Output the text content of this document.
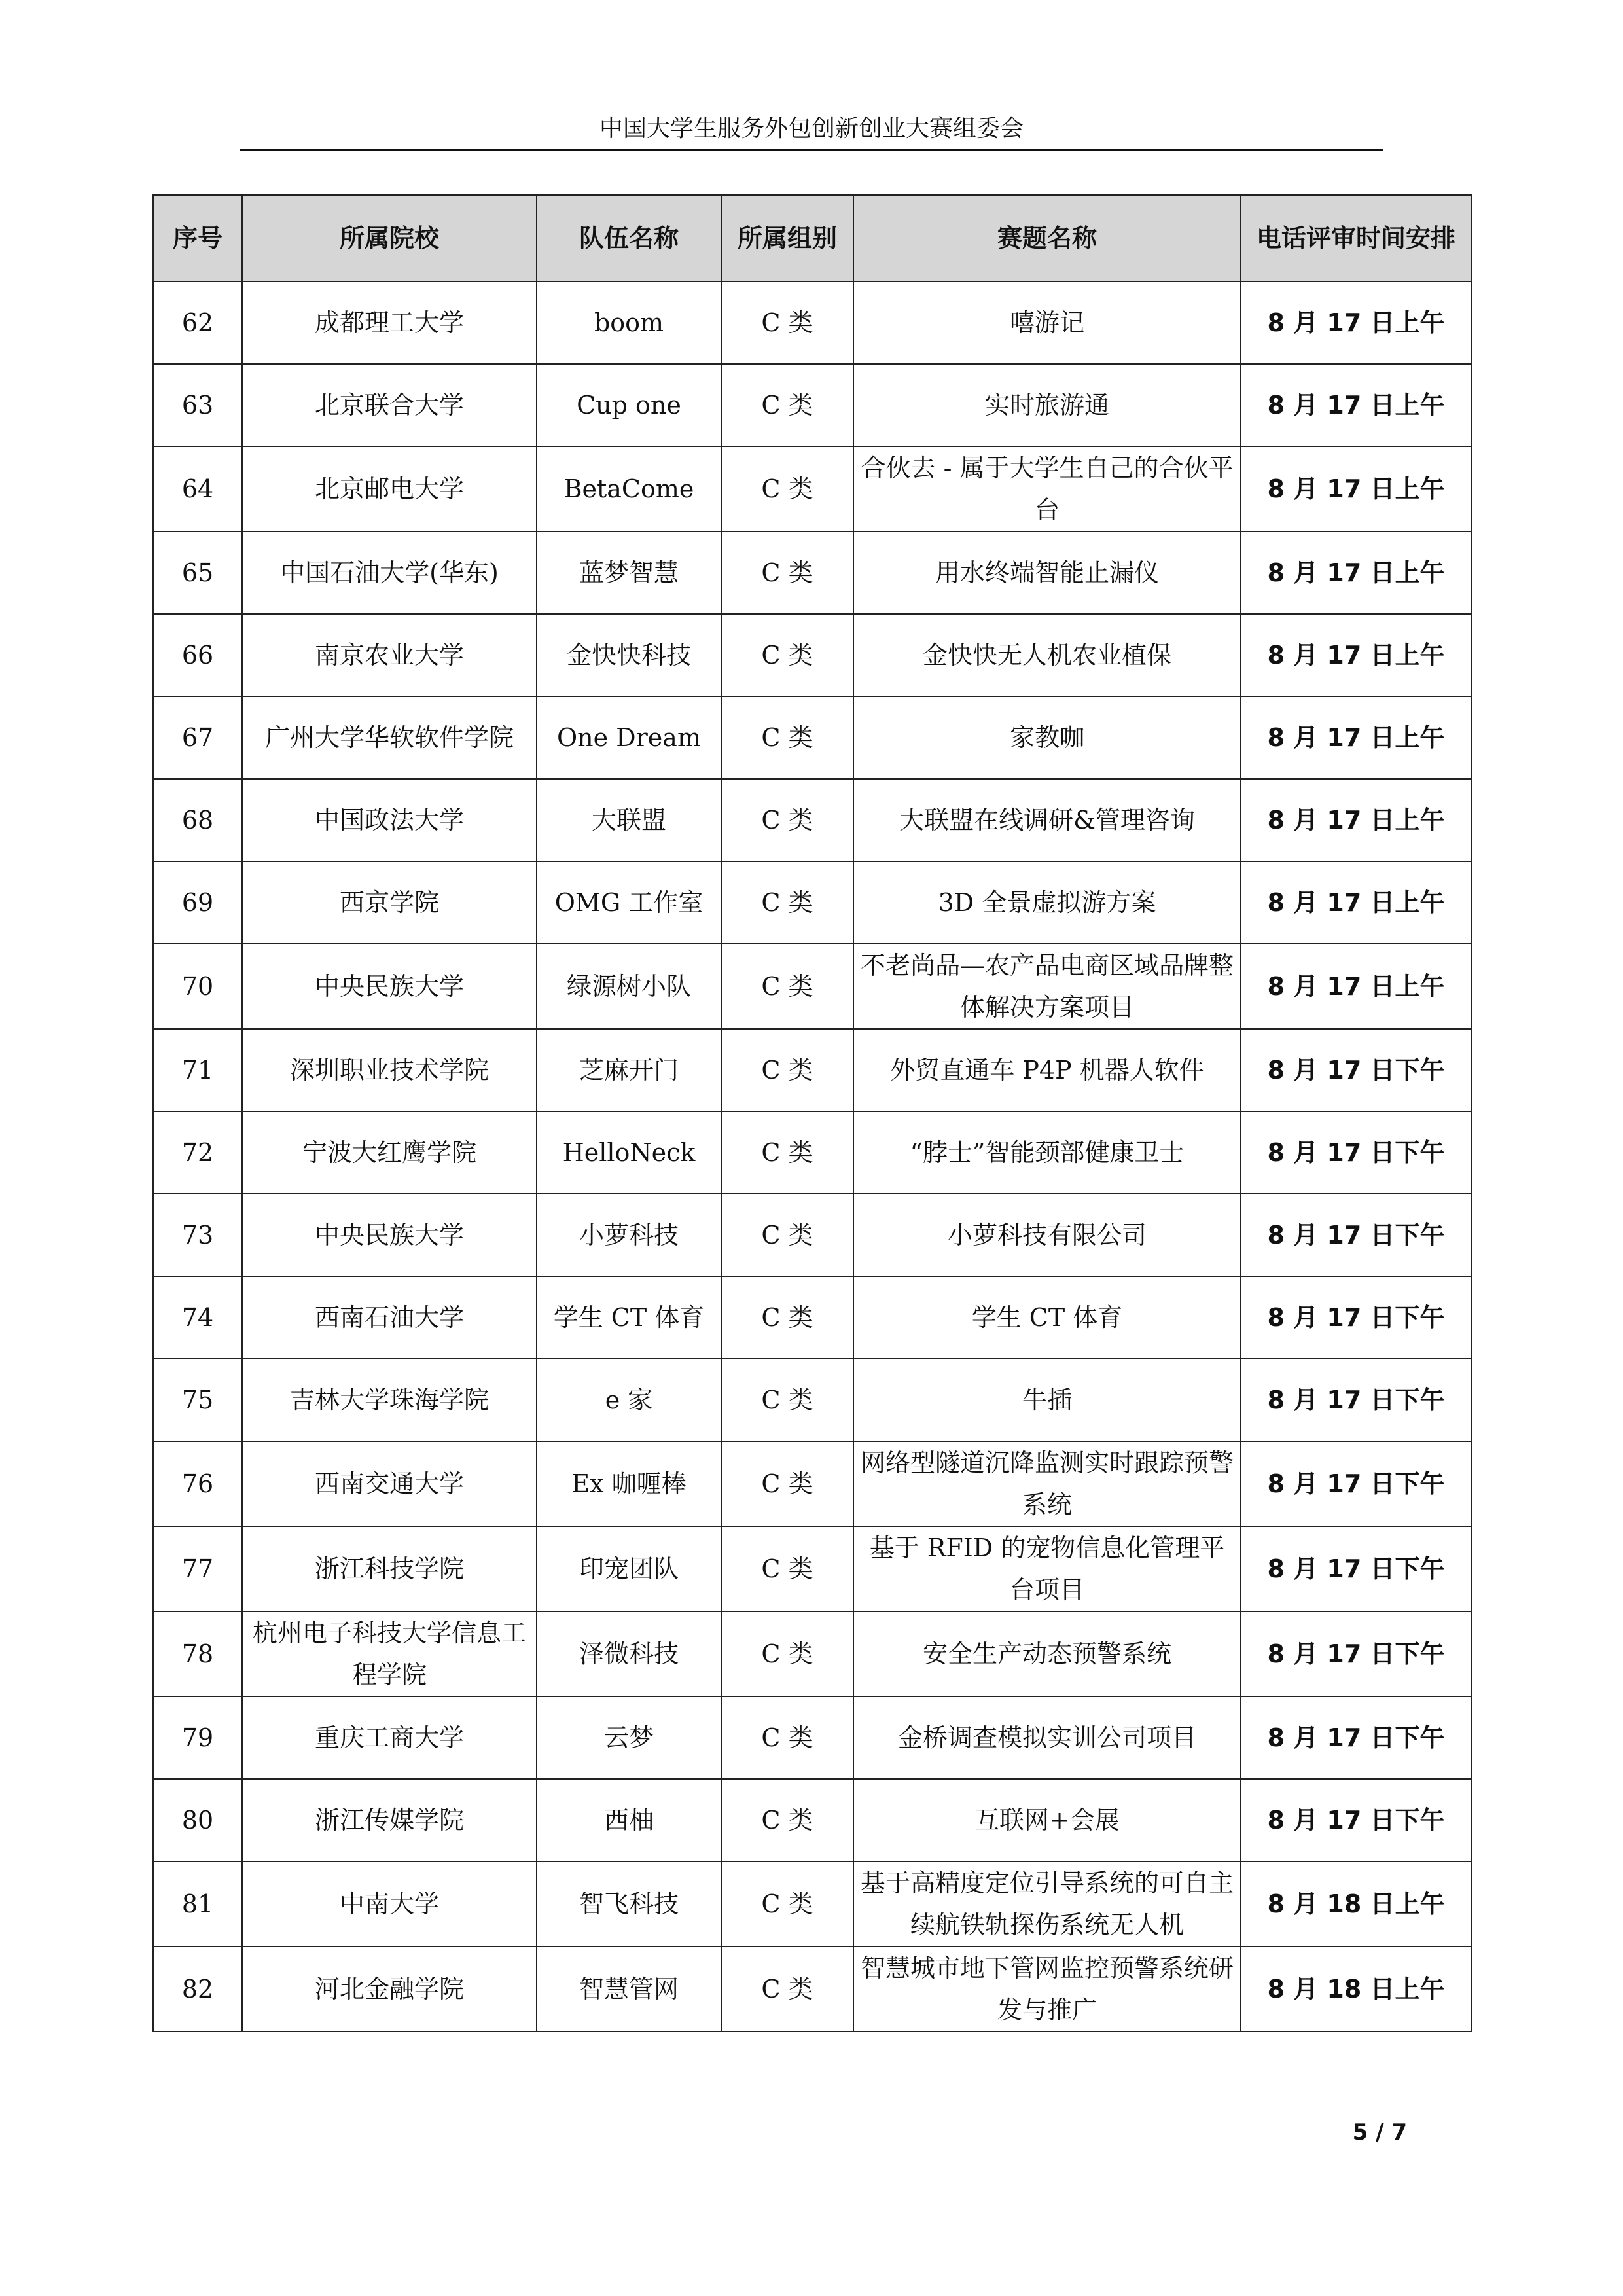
中国大学生服务外包创新创业大赛组委会
序号	所属院校	队伍名称	所属组别	赛题名称	电话评审时间安排
62	成都理工大学	boom	C 类	嘻游记	8 月 17 日上午
63	北京联合大学	Cup one	C 类	实时旅游通	8 月 17 日上午
64	北京邮电大学	BetaCome	C 类	合伙去 - 属于大学生自己的合伙平台	8 月 17 日上午
65	中国石油大学(华东)	蓝梦智慧	C 类	用水终端智能止漏仪	8 月 17 日上午
66	南京农业大学	金快快科技	C 类	金快快无人机农业植保	8 月 17 日上午
67	广州大学华软软件学院	One Dream	C 类	家教咖	8 月 17 日上午
68	中国政法大学	大联盟	C 类	大联盟在线调研&管理咨询	8 月 17 日上午
69	西京学院	OMG 工作室	C 类	3D 全景虚拟游方案	8 月 17 日上午
70	中央民族大学	绿源树小队	C 类	不老尚品—农产品电商区域品牌整体解决方案项目	8 月 17 日上午
71	深圳职业技术学院	芝麻开门	C 类	外贸直通车 P4P 机器人软件	8 月 17 日下午
72	宁波大红鹰学院	HelloNeck	C 类	“脖士”智能颈部健康卫士	8 月 17 日下午
73	中央民族大学	小萝科技	C 类	小萝科技有限公司	8 月 17 日下午
74	西南石油大学	学生 CT 体育	C 类	学生 CT 体育	8 月 17 日下午
75	吉林大学珠海学院	e 家	C 类	牛插	8 月 17 日下午
76	西南交通大学	Ex 咖喱棒	C 类	网络型隧道沉降监测实时跟踪预警系统	8 月 17 日下午
77	浙江科技学院	印宠团队	C 类	基于 RFID 的宠物信息化管理平台项目	8 月 17 日下午
78	杭州电子科技大学信息工程学院	泽微科技	C 类	安全生产动态预警系统	8 月 17 日下午
79	重庆工商大学	云梦	C 类	金桥调查模拟实训公司项目	8 月 17 日下午
80	浙江传媒学院	西柚	C 类	互联网+会展	8 月 17 日下午
81	中南大学	智飞科技	C 类	基于高精度定位引导系统的可自主续航铁轨探伤系统无人机	8 月 18 日上午
82	河北金融学院	智慧管网	C 类	智慧城市地下管网监控预警系统研发与推广	8 月 18 日上午
5 / 7
